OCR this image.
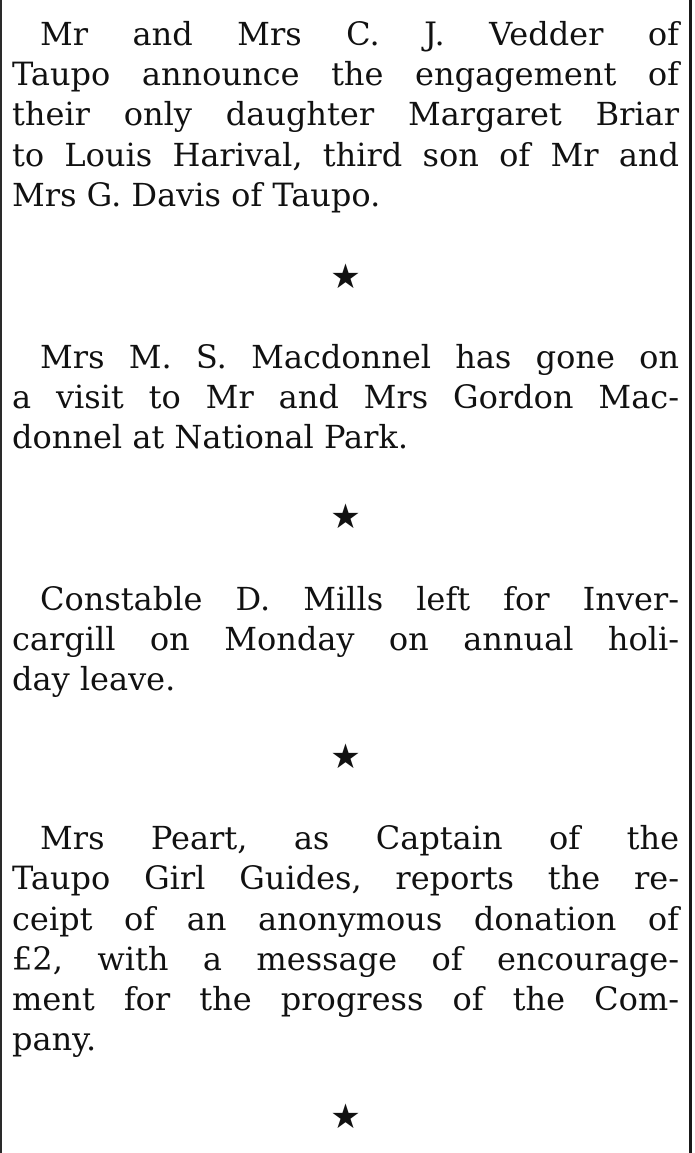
Mr and Mrs C. J. Vedder of
Taupo announce the engagement of
their only daughter Margaret Briar
to Louis Harival, third son of Mr and
Mrs G. Davis of Taupo.

★

Mrs M. S. Macdonnel has gone on
a visit to Mr and Mrs Gordon Mac-
donnel at National Park.

★

Constable D. Mills left for Inver-
cargill on Monday on annual holi-
day leave.

★

Mrs Peart, as Captain of the
Taupo Girl Guides, reports the re-
ceipt of an anonymous donation of
£2, with a message of encourage-
ment for the progress of the Com-
pany.

★
